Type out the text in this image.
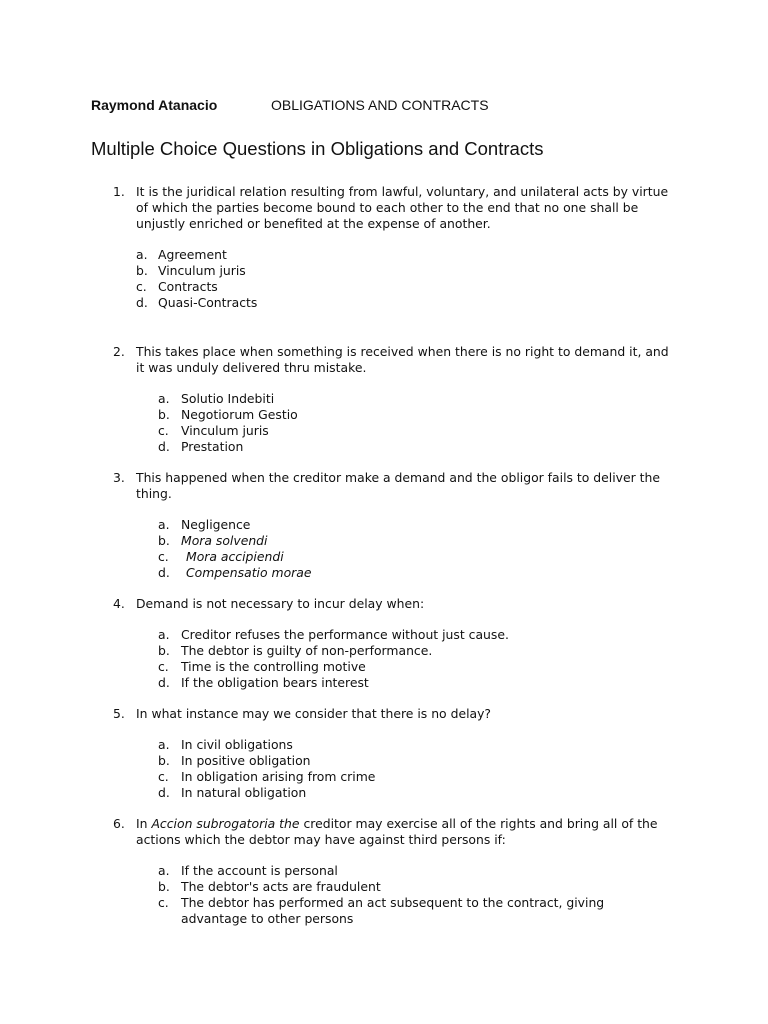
Raymond Atanacio	OBLIGATIONS AND CONTRACTS
Multiple Choice Questions in Obligations and Contracts
1. It is the juridical relation resulting from lawful, voluntary, and unilateral acts by virtue of which the parties become bound to each other to the end that no one shall be unjustly enriched or benefited at the expense of another.
a. Agreement
b. Vinculum juris
c. Contracts
d. Quasi-Contracts
2. This takes place when something is received when there is no right to demand it, and it was unduly delivered thru mistake.
a. Solutio Indebiti
b. Negotiorum Gestio
c. Vinculum juris
d. Prestation
3. This happened when the creditor make a demand and the obligor fails to deliver the thing.
a. Negligence
b. Mora solvendi
c. Mora accipiendi
d. Compensatio morae
4. Demand is not necessary to incur delay when:
a. Creditor refuses the performance without just cause.
b. The debtor is guilty of non-performance.
c. Time is the controlling motive
d. If the obligation bears interest
5. In what instance may we consider that there is no delay?
a. In civil obligations
b. In positive obligation
c. In obligation arising from crime
d. In natural obligation
6. In Accion subrogatoria the creditor may exercise all of the rights and bring all of the actions which the debtor may have against third persons if:
a. If the account is personal
b. The debtor's acts are fraudulent
c. The debtor has performed an act subsequent to the contract, giving advantage to other persons
